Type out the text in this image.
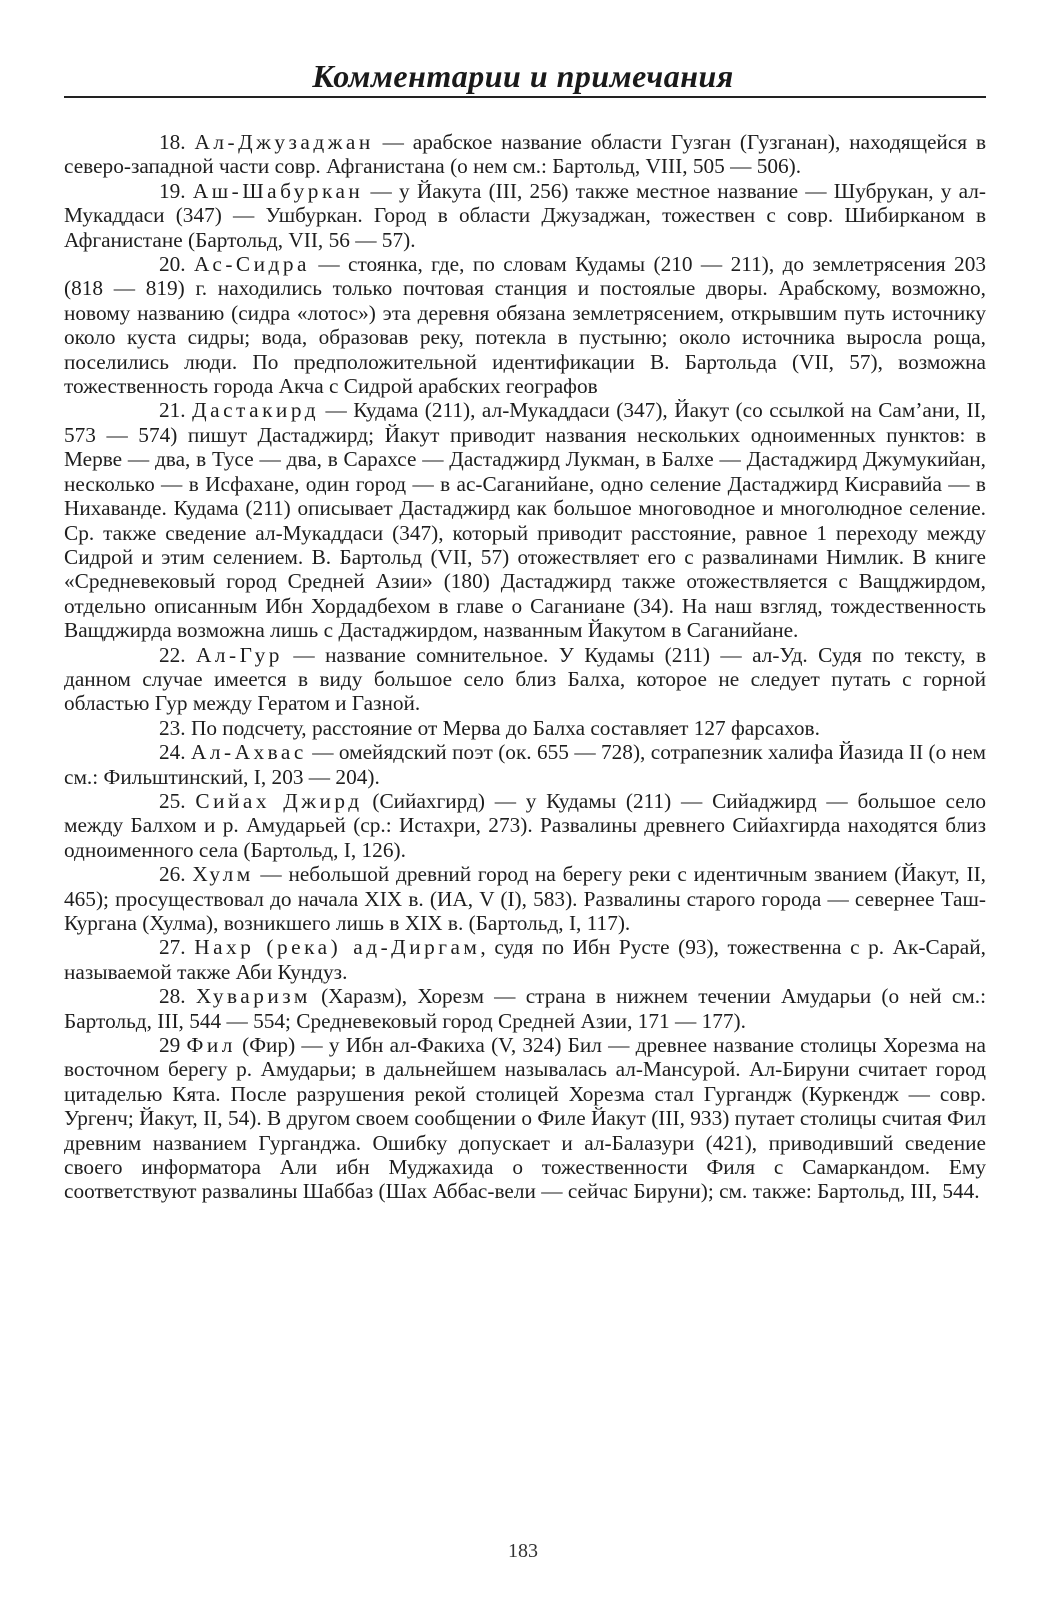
Комментарии и примечания

18. Ал-Джузаджан — арабское название области Гузган (Гузганан), находящейся в северо-западной части совр. Афганистана (о нем см.: Бартольд, VIII, 505 — 506).

19. Аш-Шабуркан — у Йакута (III, 256) также местное название — Шубрукан, у ал-Мукаддаси (347) — Ушбуркан. Город в области Джузаджан, тожествен с совр. Шибирканом в Афганистане (Бартольд, VII, 56 — 57).

20. Ас-Сидра — стоянка, где, по словам Кудамы (210 — 211), до землетрясения 203 (818 — 819) г. находились только почтовая станция и постоялые дворы. Арабскому, возможно, новому названию (сидра «лотос») эта деревня обязана землетрясением, открывшим путь источнику около куста сидры; вода, образовав реку, потекла в пустыню; около источника выросла роща, поселились люди. По предположительной идентификации В. Бартольда (VII, 57), возможна тожественность города Акча с Сидрой арабских географов

21. Дастакирд — Кудама (211), ал-Мукаддаси (347), Йакут (со ссылкой на Сам’ани, II, 573 — 574) пишут Дастаджирд; Йакут приводит названия нескольких одноименных пунктов: в Мерве — два, в Тусе — два, в Сарахсе — Дастаджирд Лукман, в Балхе — Дастаджирд Джумукийан, несколько — в Исфахане, один город — в ас-Саганийане, одно селение Дастаджирд Кисравийа — в Нихаванде. Кудама (211) описывает Дастаджирд как большое многоводное и многолюдное селение. Ср. также сведение ал-Мукаддаси (347), который приводит расстояние, равное 1 переходу между Сидрой и этим селением. В. Бартольд (VII, 57) отожествляет его с развалинами Нимлик. В книге «Средневековый город Средней Азии» (180) Дастаджирд также отожествляется с Ващджирдом, отдельно описанным Ибн Хордадбехом в главе о Саганиане (34). На наш взгляд, тождественность Ващджирда возможна лишь с Дастаджирдом, названным Йакутом в Саганийане.

22. Ал-Гур — название сомнительное. У Кудамы (211) — ал-Уд. Судя по тексту, в данном случае имеется в виду большое село близ Балха, которое не следует путать с горной областью Гур между Гератом и Газной.

23. По подсчету, расстояние от Мерва до Балха составляет 127 фарсахов.

24. Ал-Ахвас — омейядский поэт (ок. 655 — 728), сотрапезник халифа Йазида II (о нем см.: Фильштинский, I, 203 — 204).

25. Сийах Джирд (Сийахгирд) — у Кудамы (211) — Сийаджирд — большое село между Балхом и р. Амударьей (ср.: Истахри, 273). Развалины древнего Сийахгирда находятся близ одноименного села (Бартольд, I, 126).

26. Хулм — небольшой древний город на берегу реки с идентичным званием (Йакут, II, 465); просуществовал до начала XIX в. (ИА, V (I), 583). Развалины старого города — севернее Таш-Кургана (Хулма), возникшего лишь в XIX в. (Бартольд, I, 117).

27. Нахр (река) ад-Диргам, судя по Ибн Русте (93), тожественна с р. Ак-Сарай, называемой также Аби Кундуз.

28. Хуваризм (Харазм), Хорезм — страна в нижнем течении Амударьи (о ней см.: Бартольд, III, 544 — 554; Средневековый город Средней Азии, 171 — 177).

29 Фил (Фир) — у Ибн ал-Факиха (V, 324) Бил — древнее название столицы Хорезма на восточном берегу р. Амударьи; в дальнейшем называлась ал-Мансурой. Ал-Бируни считает город цитаделью Кята. После разрушения рекой столицей Хорезма стал Гургандж (Куркендж — совр. Ургенч; Йакут, II, 54). В другом своем сообщении о Филе Йакут (III, 933) путает столицы считая Фил древним названием Гурганджа. Ошибку допускает и ал-Балазури (421), приводивший сведение своего информатора Али ибн Муджахида о тожественности Филя с Самаркандом. Ему соответствуют развалины Шаббаз (Шах Аббас-вели — сейчас Бируни); см. также: Бартольд, III, 544.

183
